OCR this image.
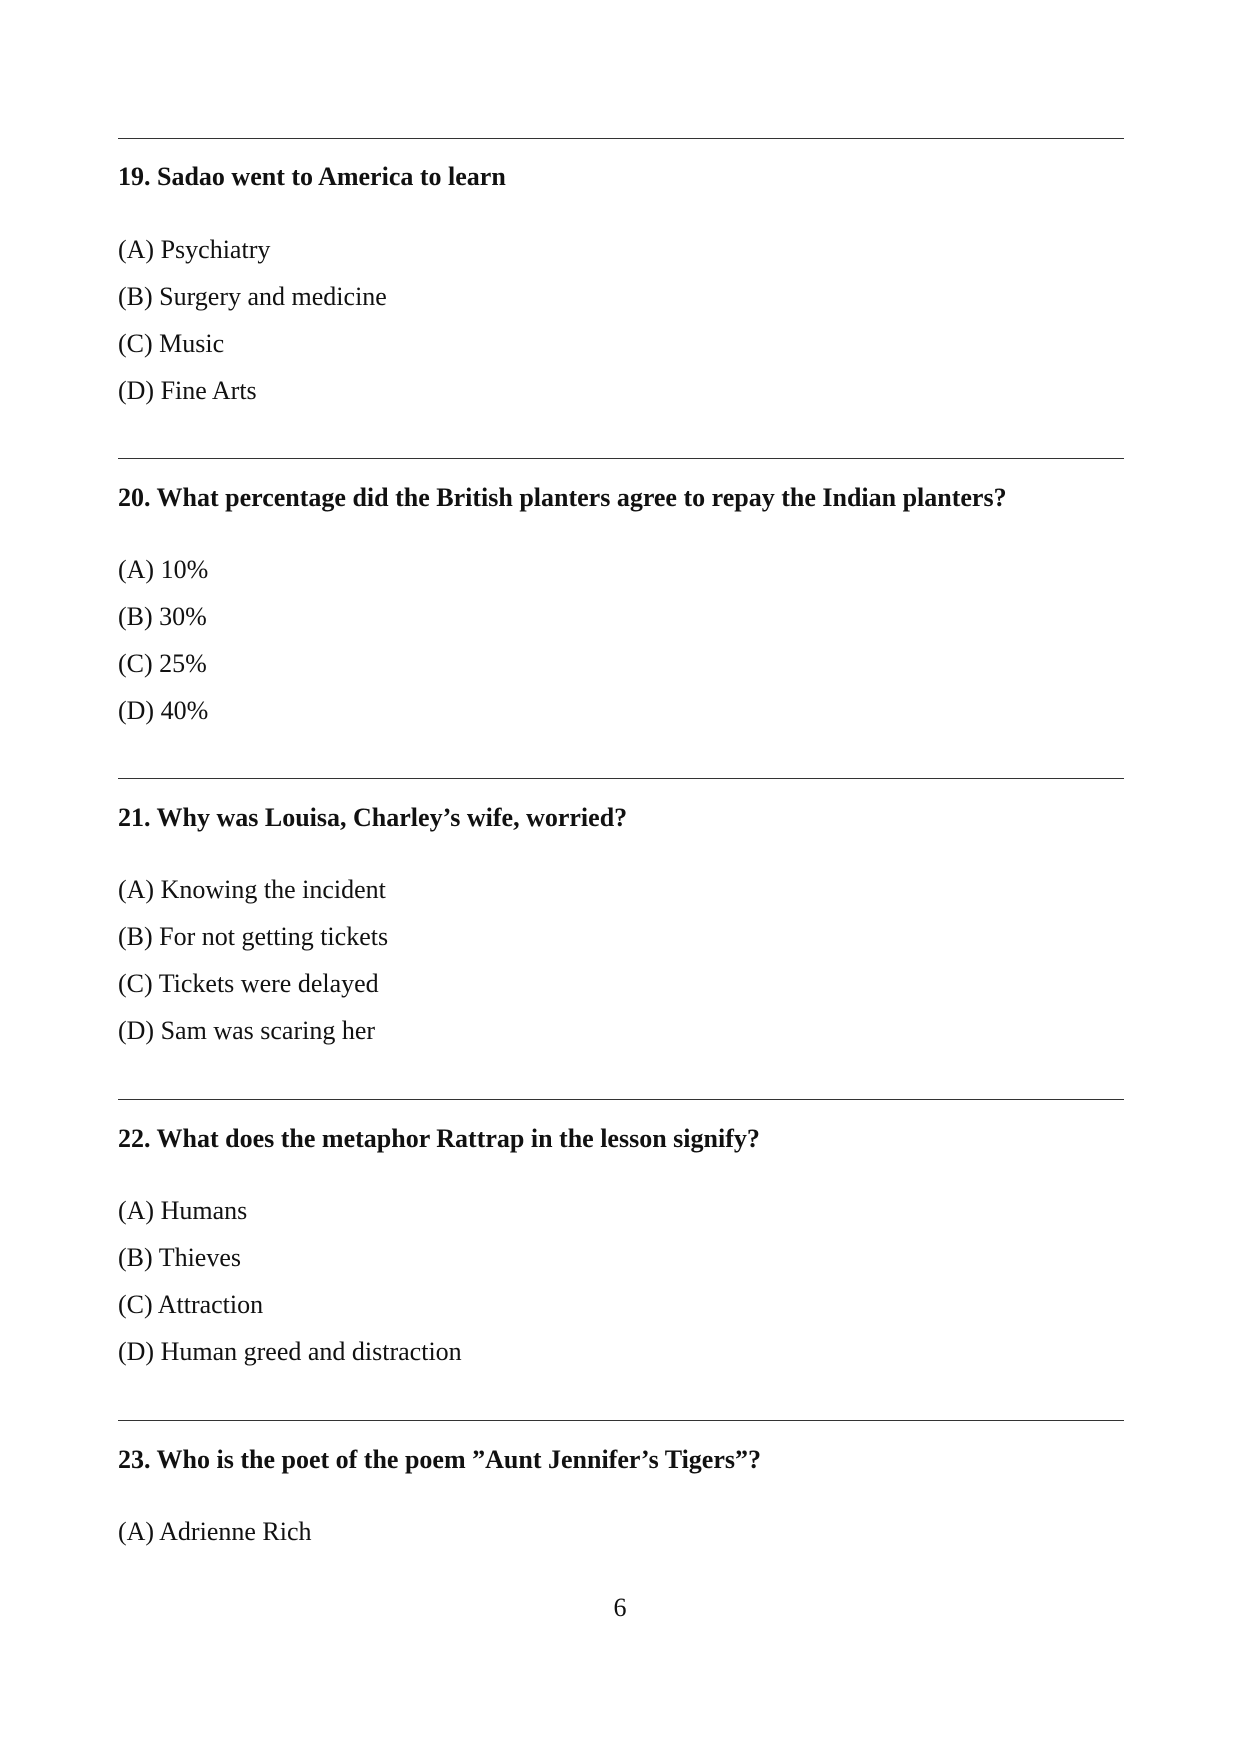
19. Sadao went to America to learn

(A) Psychiatry

(B) Surgery and medicine

(C) Music

(D) Fine Arts

20. What percentage did the British planters agree to repay the Indian planters?

(A) 10%

(B) 30%

(C) 25%

(D) 40%

21. Why was Louisa, Charley’s wife, worried?

(A) Knowing the incident

(B) For not getting tickets

(C) Tickets were delayed

(D) Sam was scaring her

22. What does the metaphor Rattrap in the lesson signify?

(A) Humans

(B) Thieves

(C) Attraction

(D) Human greed and distraction

23. Who is the poet of the poem ”Aunt Jennifer’s Tigers”?

(A) Adrienne Rich

6
